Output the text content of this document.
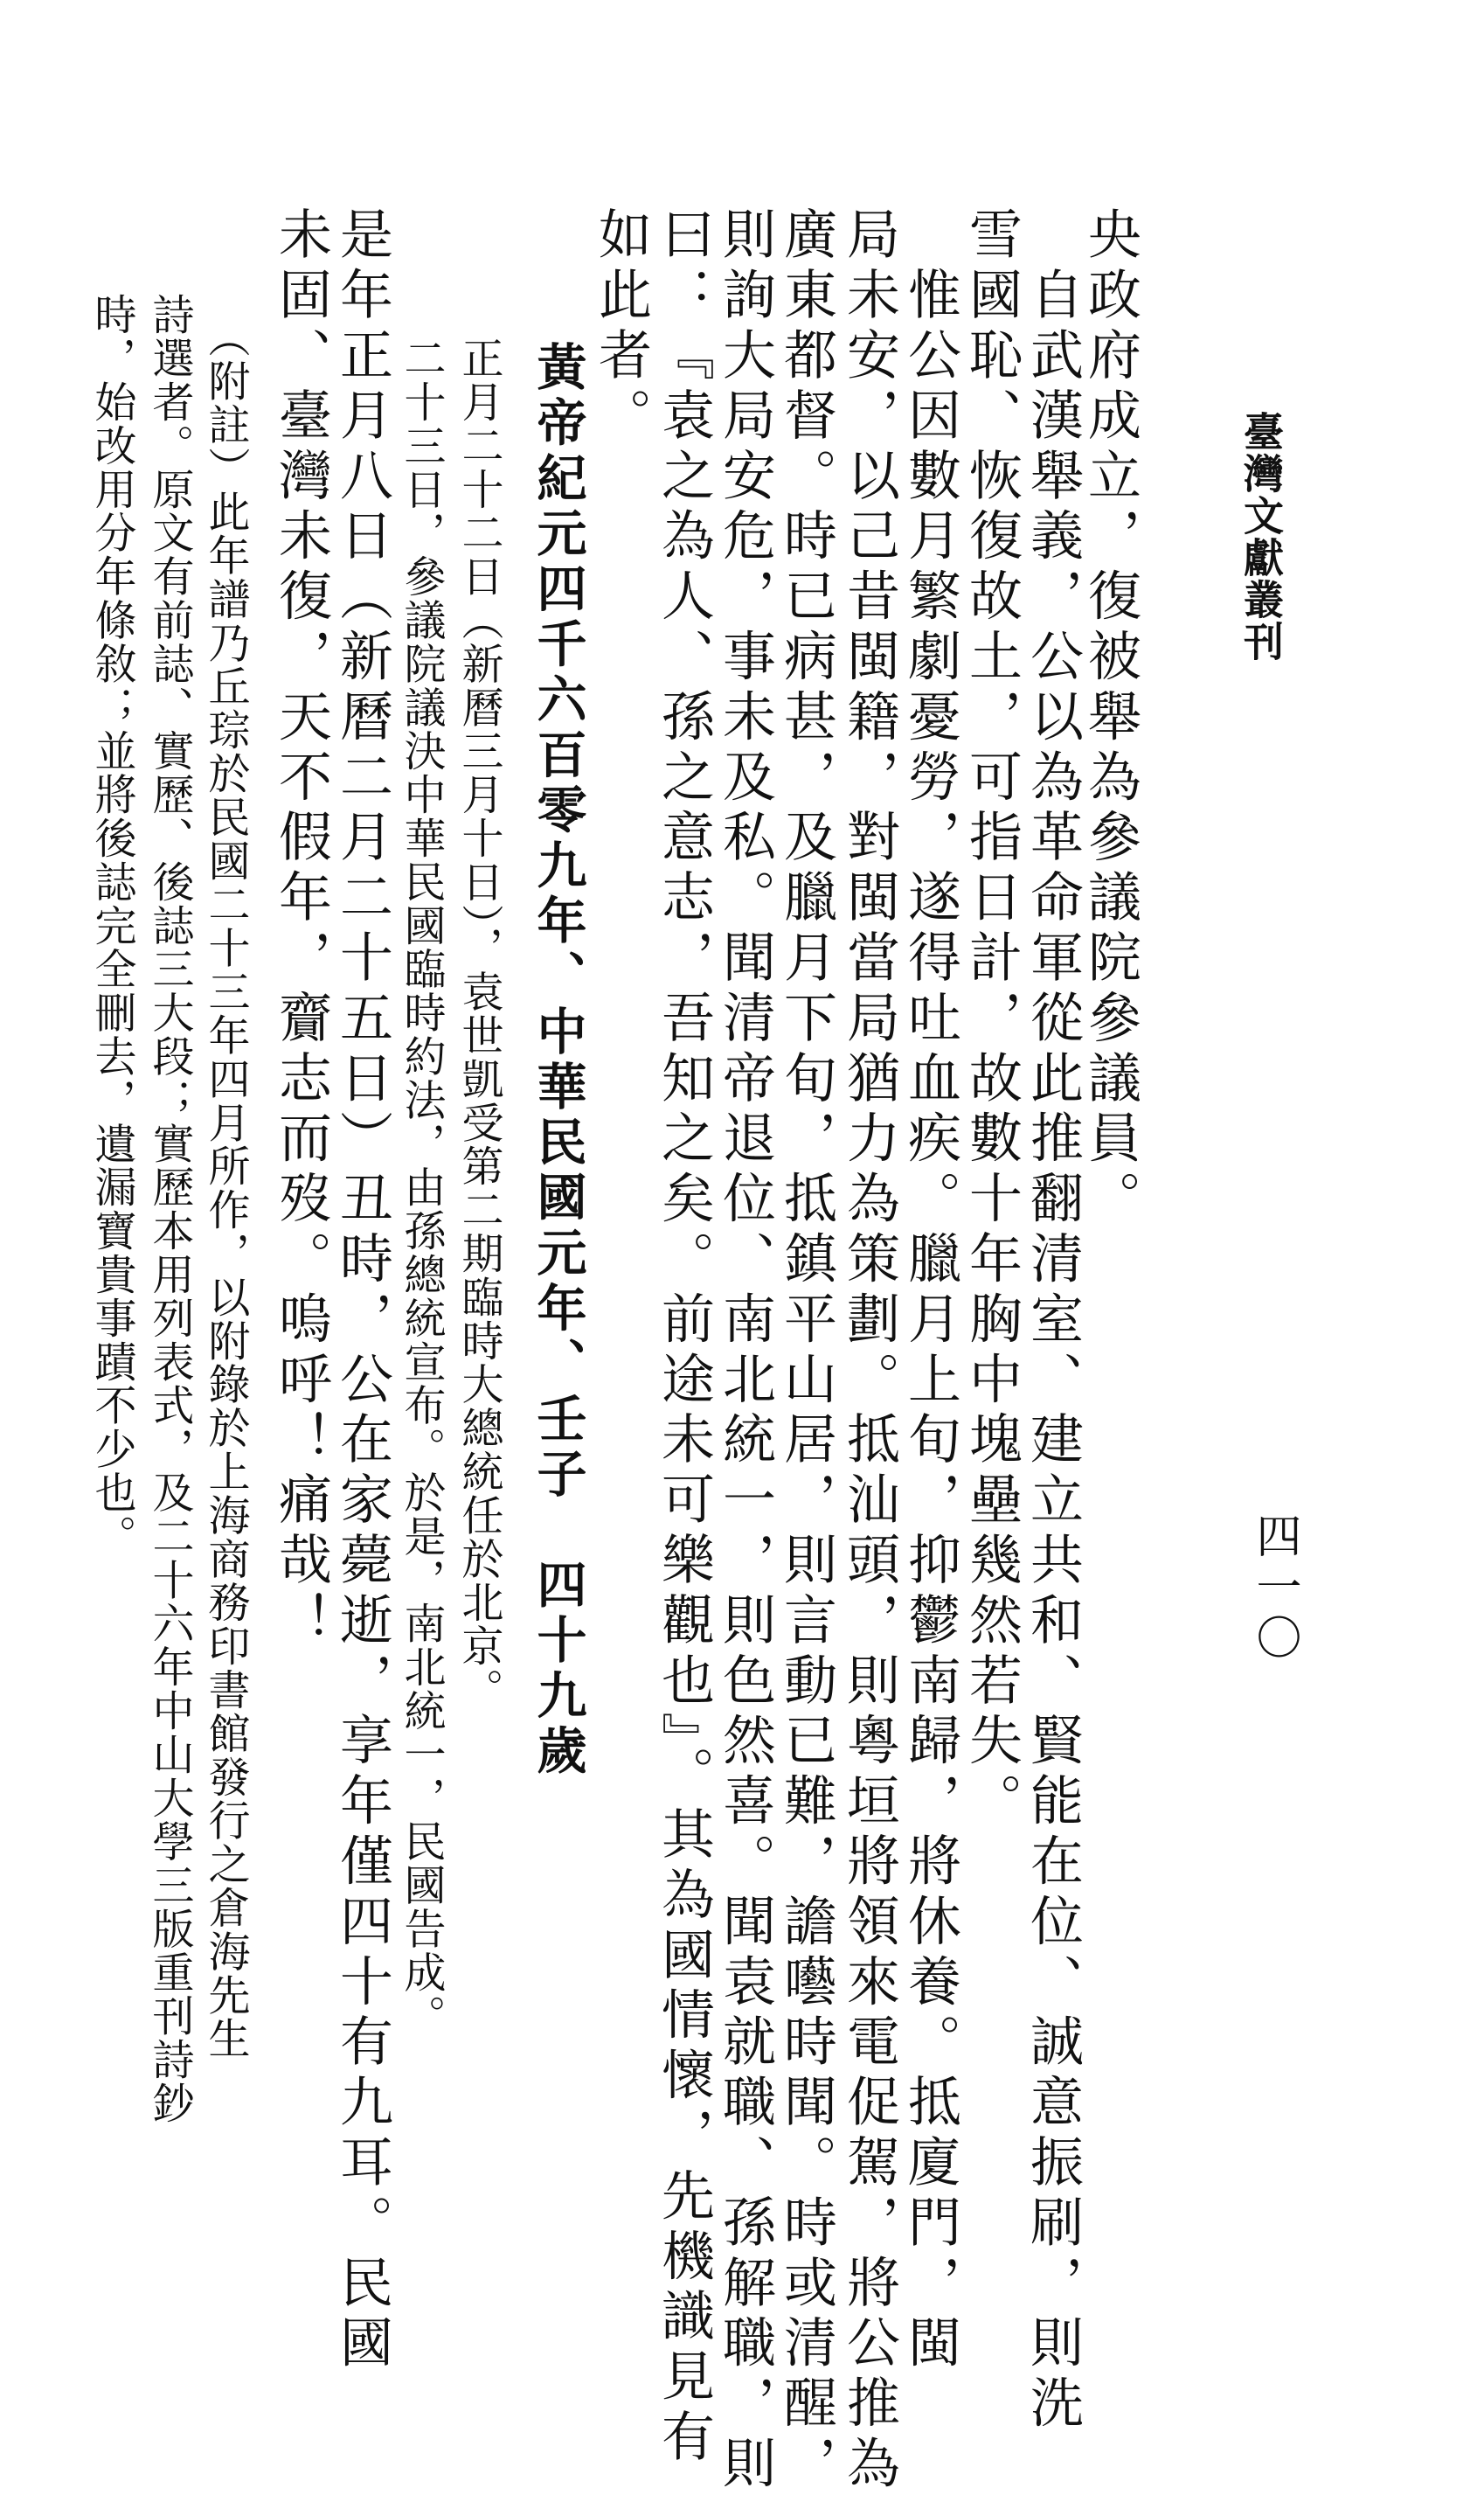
臺灣文獻叢刊
四一〇
央政府成立，復被舉為參議院參議員。
　自武漢舉義，公以為革命軍從此推翻清室、建立共和、賢能在位、誠意振刷，則洗
雪國恥、恢復故土，可指日計，故數十年胸中塊壘幾然若失。
　惟公因數月繁劇憂勞，遂得吐血疾。臘月上旬，抑鬱南歸，將休養。抵廈門，閩
局未安，以己昔閩籍，對閩當局猶力為策劃。抵汕頭，則粵垣將領來電促駕，將公推為
廣東都督。時已病甚，及臘月下旬，抵鎮平山居，則言動已難，譫囈時聞。時或清醒，
則詢大局安危，事未及私。聞清帝退位、南北統一，則色然喜。聞袁就職、孫解職，則
曰：『袁之為人、孫之意志，吾知之矣。前途未可樂觀也』。其為國情懷，先機識見有
如此者。
黃帝紀元四千六百零九年、中華民國元年、壬子　四十九歲
　正月二十二日（新曆三月十日），袁世凱受第二期臨時大總統任於北京。
　二十三日，參議院議決中華民國臨時約法，由孫總統宣布。於是，南北統一，民國告成。
是年正月八日（新曆二月二十五日）丑時，公在家薨逝，享年僅四十有九耳。民國
未固、臺灣未復，天不假年，齎志而歿。嗚呼！痛哉！
　（附註）此年譜乃丘琮於民國二十三年四月所作，以附錄於上海商務印書館發行之倉海先生
詩選者。原文有前誌、實歷、後誌三大段；實歷本用列表式，及二十六年中山大學三版重刊詩鈔
時，始改用分年條敘；並將後誌完全刪去，遺漏寶貴事蹟不少也。
